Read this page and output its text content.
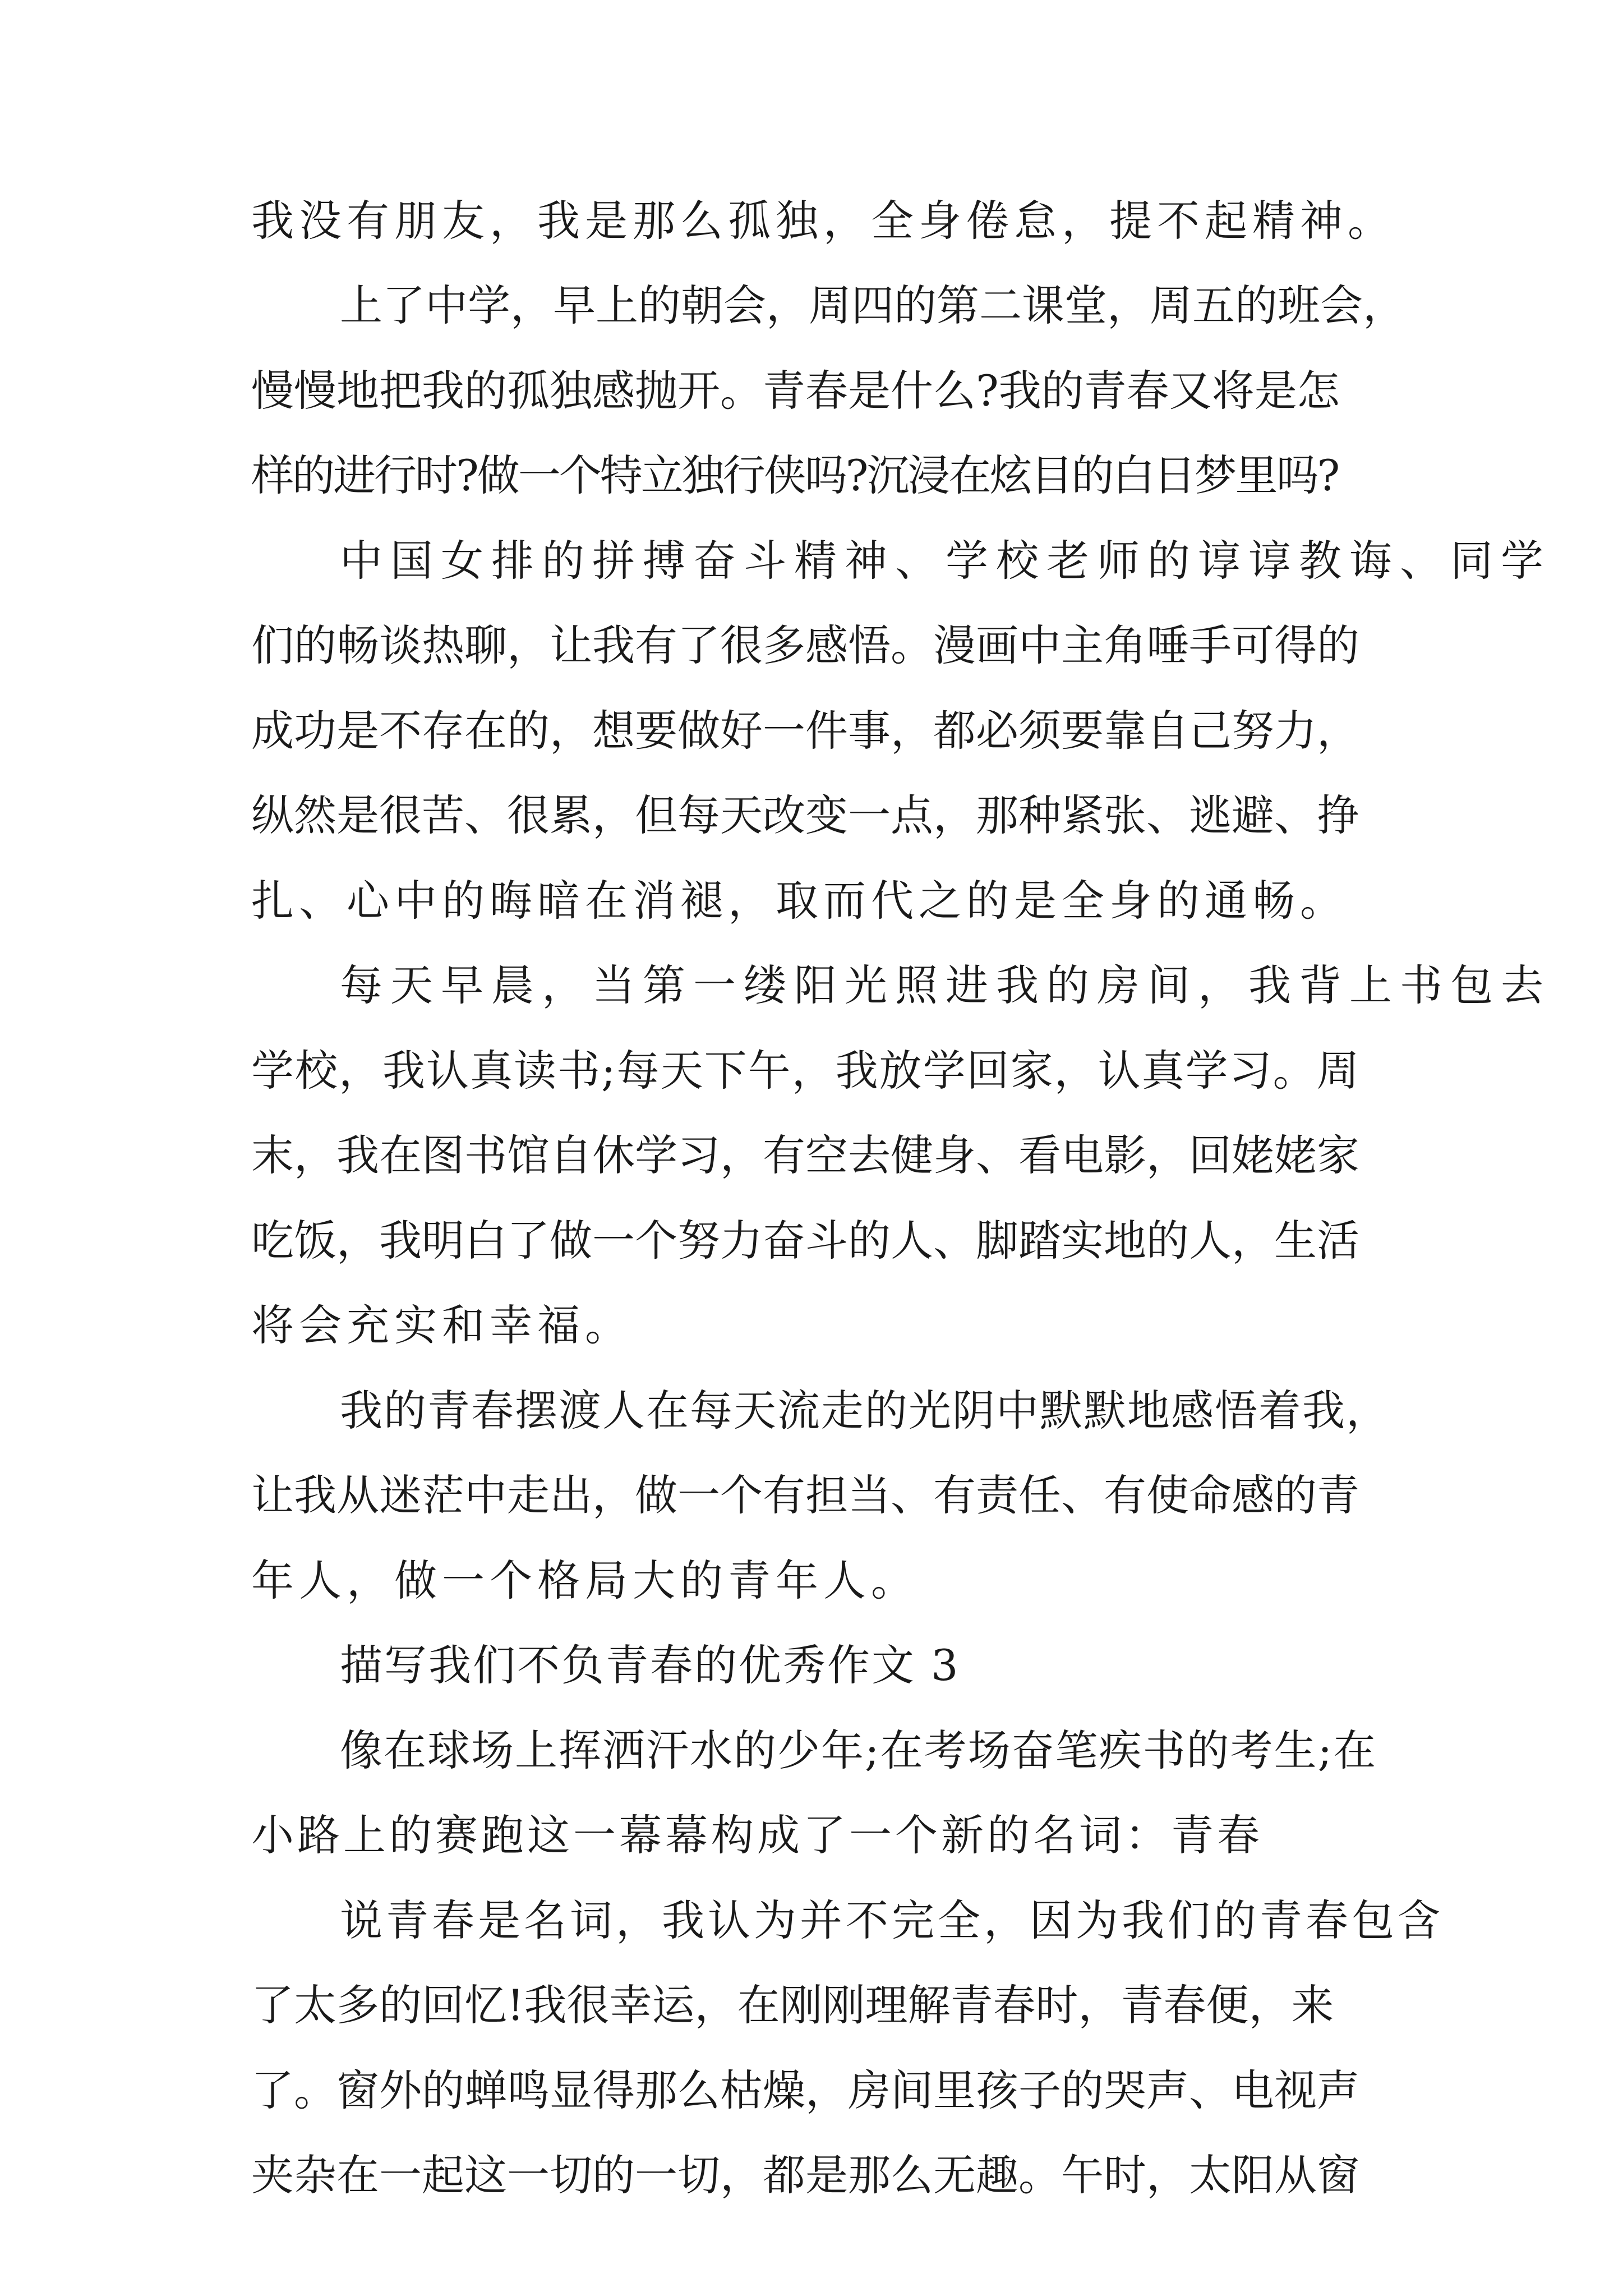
我没有朋友，我是那么孤独，全身倦怠，提不起精神。
上了中学，早上的朝会，周四的第二课堂，周五的班会，
慢慢地把我的孤独感抛开。青春是什么?我的青春又将是怎
样的进行时?做一个特立独行侠吗?沉浸在炫目的白日梦里吗?
中国女排的拼搏奋斗精神、学校老师的谆谆教诲、同学
们的畅谈热聊，让我有了很多感悟。漫画中主角唾手可得的
成功是不存在的，想要做好一件事，都必须要靠自己努力，
纵然是很苦、很累，但每天改变一点，那种紧张、逃避、挣
扎、心中的晦暗在消褪，取而代之的是全身的通畅。
每天早晨，当第一缕阳光照进我的房间，我背上书包去
学校，我认真读书;每天下午，我放学回家，认真学习。周
末，我在图书馆自休学习，有空去健身、看电影，回姥姥家
吃饭，我明白了做一个努力奋斗的人、脚踏实地的人，生活
将会充实和幸福。
我的青春摆渡人在每天流走的光阴中默默地感悟着我，
让我从迷茫中走出，做一个有担当、有责任、有使命感的青
年人，做一个格局大的青年人。
描写我们不负青春的优秀作文 3
像在球场上挥洒汗水的少年;在考场奋笔疾书的考生;在
小路上的赛跑这一幕幕构成了一个新的名词：青春
说青春是名词，我认为并不完全，因为我们的青春包含
了太多的回忆!我很幸运，在刚刚理解青春时，青春便，来
了。窗外的蝉鸣显得那么枯燥，房间里孩子的哭声、电视声
夹杂在一起这一切的一切，都是那么无趣。午时，太阳从窗
